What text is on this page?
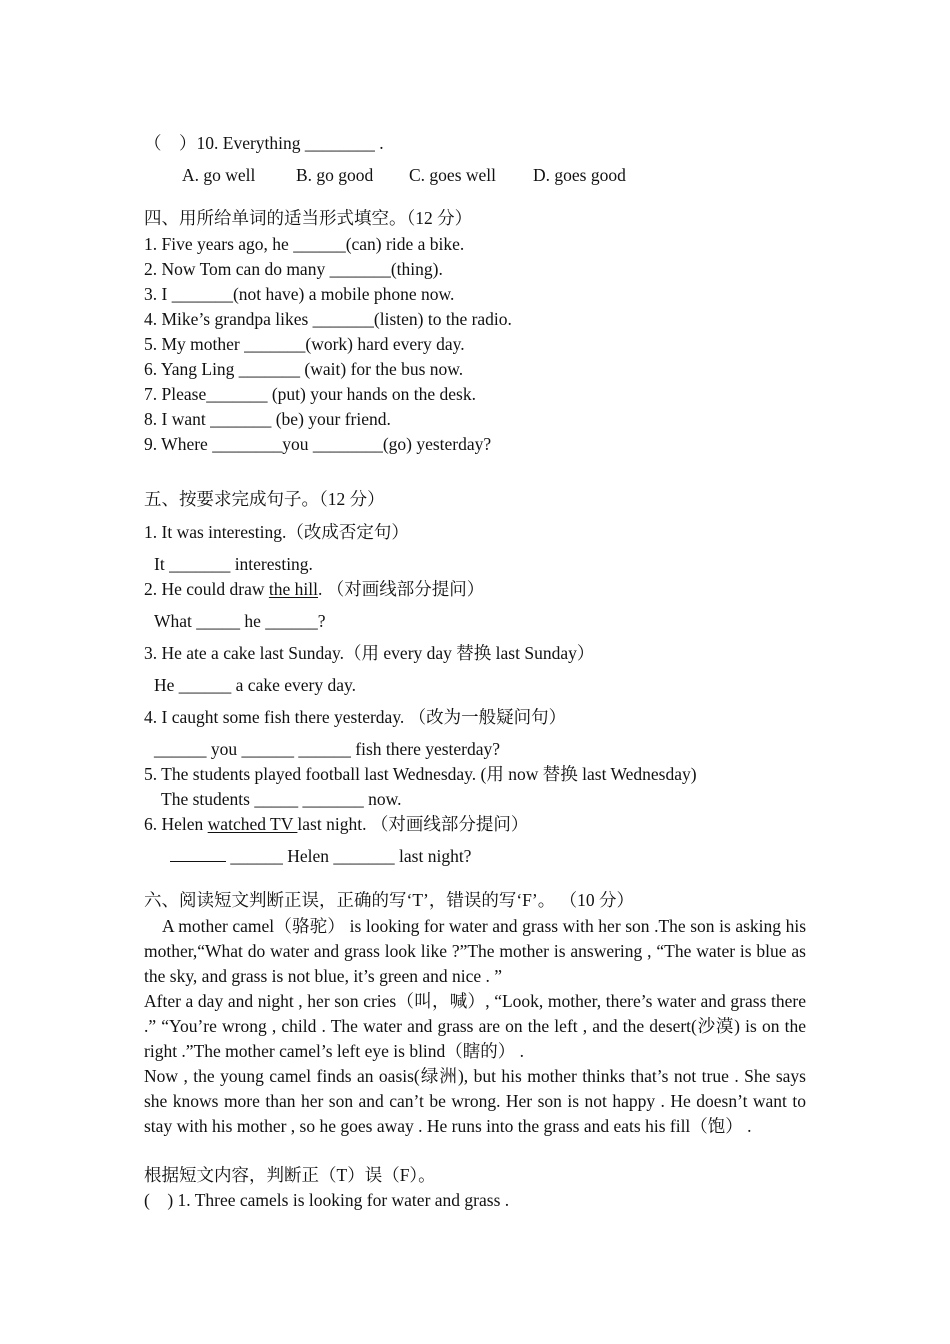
（    ）10. Everything ________ .

A. go well

B. go good

C. goes well

D. goes good

四、用所给单词的适当形式填空。（12 分）
1. Five years ago, he ______(can) ride a bike.
2. Now Tom can do many _______(thing).
3. I _______(not have) a mobile phone now.
4. Mike’s grandpa likes _______(listen) to the radio.
5. My mother _______(work) hard every day.
6. Yang Ling _______ (wait) for the bus now.
7. Please_______ (put) your hands on the desk.
8. I want _______ (be) your friend.
9. Where ________you ________(go) yesterday?
五、按要求完成句子。（12 分）
1. It was interesting.（改成否定句）
It _______ interesting.
2. He could draw the hill. （对画线部分提问）
What _____ he ______?
3. He ate a cake last Sunday.（用 every day 替换 last Sunday）
He ______ a cake every day.
4. I caught some fish there yesterday. （改为一般疑问句）
______ you ______ ______ fish there yesterday?
5. The students played football last Wednesday. (用 now 替换 last Wednesday)
The students _____ _______ now.
6. Helen watched TV last night. （对画线部分提问）
______ Helen _______ last night?
六、阅读短文判断正误，正确的写‘T’，错误的写‘F’。 （10 分）
A mother camel（骆驼） is looking for water and grass with her son .The son is asking his mother,“What do water and grass look like ?”The mother is answering , “The water is blue as the sky, and grass is not blue, it’s green and nice . ”
After a day and night , her son cries（叫，喊）, “Look, mother, there’s water and grass there .” “You’re wrong , child . The water and grass are on the left , and the desert(沙漠) is on the right .”The mother camel’s left eye is blind（瞎的） .
Now , the young camel finds an oasis(绿洲), but his mother thinks that’s not true . She says she knows more than her son and can’t be wrong. Her son is not happy . He doesn’t want to stay with his mother , so he goes away . He runs into the grass and eats his fill（饱） .
根据短文内容，判断正（T）误（F）。
(    ) 1. Three camels is looking for water and grass .
